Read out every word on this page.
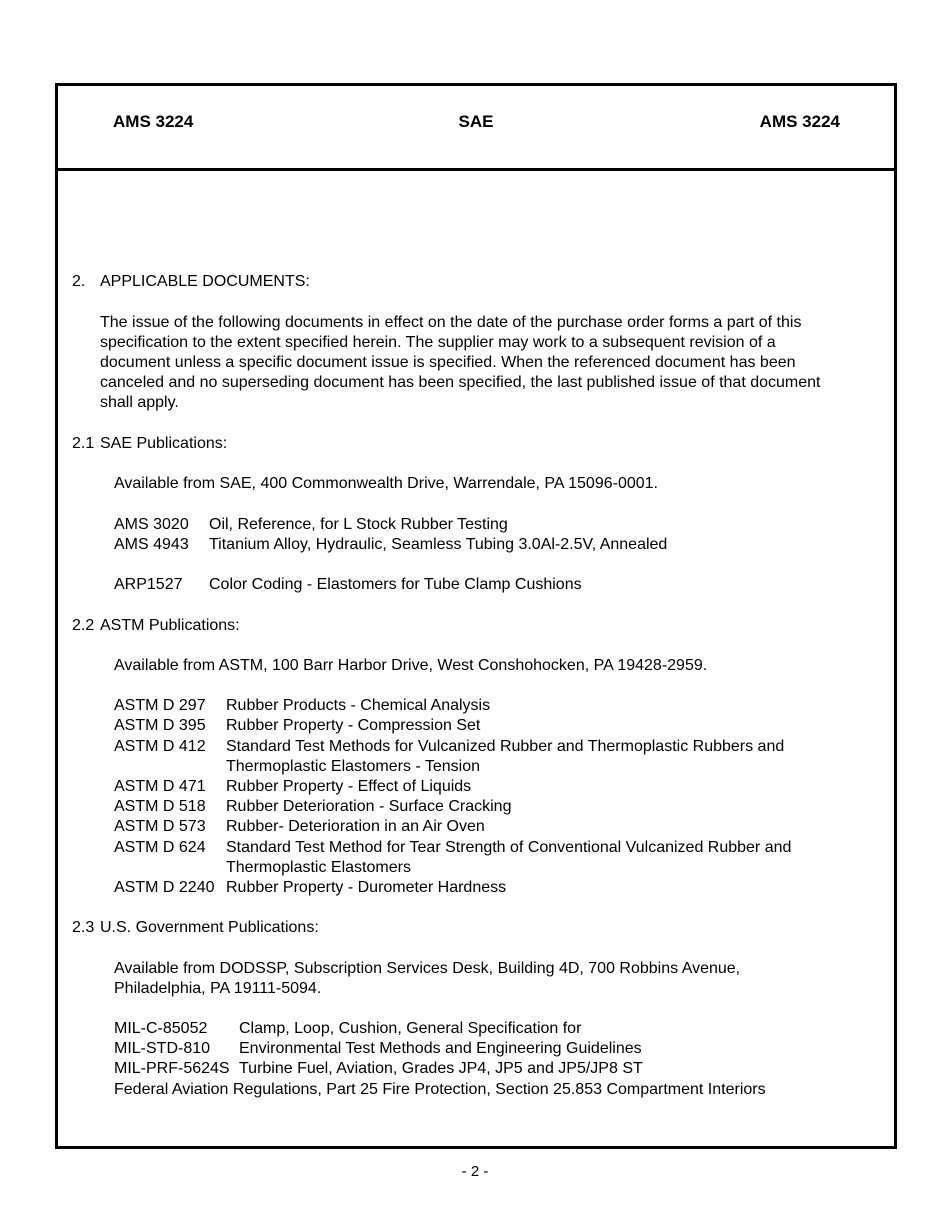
AMS 3224	SAE	AMS 3224
2. APPLICABLE DOCUMENTS:
The issue of the following documents in effect on the date of the purchase order forms a part of this
specification to the extent specified herein. The supplier may work to a subsequent revision of a
document unless a specific document issue is specified. When the referenced document has been
canceled and no superseding document has been specified, the last published issue of that document
shall apply.
2.1 SAE Publications:
Available from SAE, 400 Commonwealth Drive, Warrendale, PA 15096-0001.
AMS 3020 Oil, Reference, for L Stock Rubber Testing
AMS 4943 Titanium Alloy, Hydraulic, Seamless Tubing 3.0Al-2.5V, Annealed
ARP1527 Color Coding - Elastomers for Tube Clamp Cushions
2.2 ASTM Publications:
Available from ASTM, 100 Barr Harbor Drive, West Conshohocken, PA 19428-2959.
ASTM D 297 Rubber Products - Chemical Analysis
ASTM D 395 Rubber Property - Compression Set
ASTM D 412 Standard Test Methods for Vulcanized Rubber and Thermoplastic Rubbers and
Thermoplastic Elastomers - Tension
ASTM D 471 Rubber Property - Effect of Liquids
ASTM D 518 Rubber Deterioration - Surface Cracking
ASTM D 573 Rubber- Deterioration in an Air Oven
ASTM D 624 Standard Test Method for Tear Strength of Conventional Vulcanized Rubber and
Thermoplastic Elastomers
ASTM D 2240 Rubber Property - Durometer Hardness
2.3 U.S. Government Publications:
Available from DODSSP, Subscription Services Desk, Building 4D, 700 Robbins Avenue,
Philadelphia, PA 19111-5094.
MIL-C-85052 Clamp, Loop, Cushion, General Specification for
MIL-STD-810 Environmental Test Methods and Engineering Guidelines
MIL-PRF-5624S Turbine Fuel, Aviation, Grades JP4, JP5 and JP5/JP8 ST
Federal Aviation Regulations, Part 25 Fire Protection, Section 25.853 Compartment Interiors
- 2 -
